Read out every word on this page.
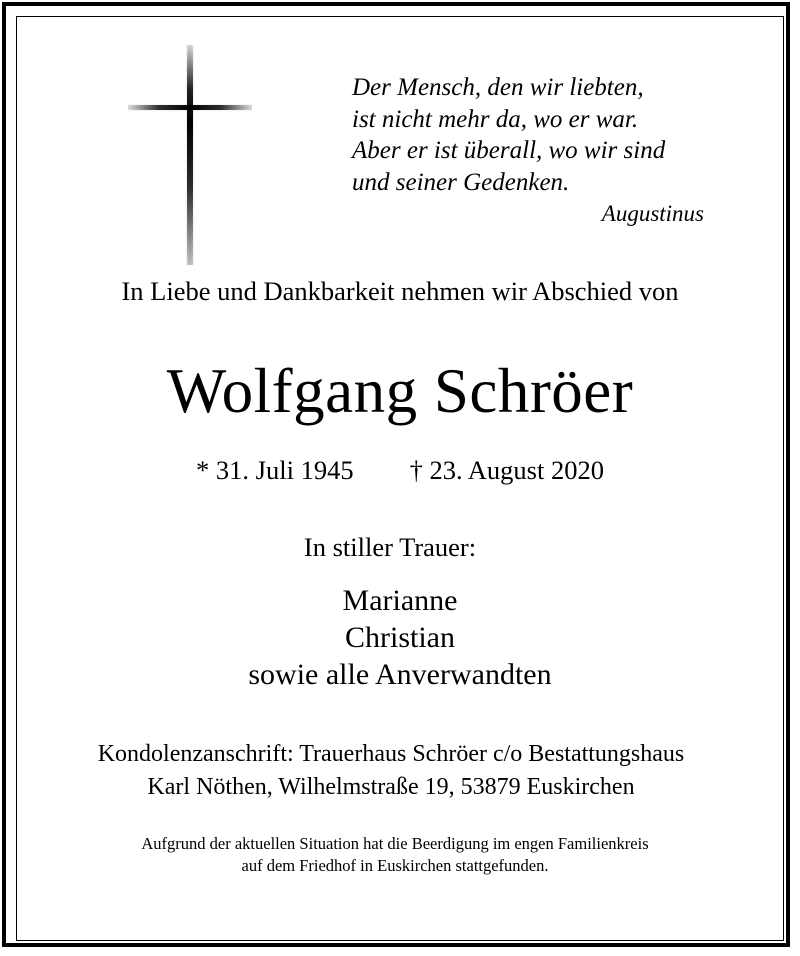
Der Mensch, den wir liebten,
ist nicht mehr da, wo er war.
Aber er ist überall, wo wir sind
und seiner Gedenken.
Augustinus
In Liebe und Dankbarkeit nehmen wir Abschied von
Wolfgang Schröer
* 31. Juli 1945 † 23. August 2020
In stiller Trauer:
Marianne
Christian
sowie alle Anverwandten
Kondolenzanschrift: Trauerhaus Schröer c/o Bestattungshaus
Karl Nöthen, Wilhelmstraße 19, 53879 Euskirchen
Aufgrund der aktuellen Situation hat die Beerdigung im engen Familienkreis
auf dem Friedhof in Euskirchen stattgefunden.
